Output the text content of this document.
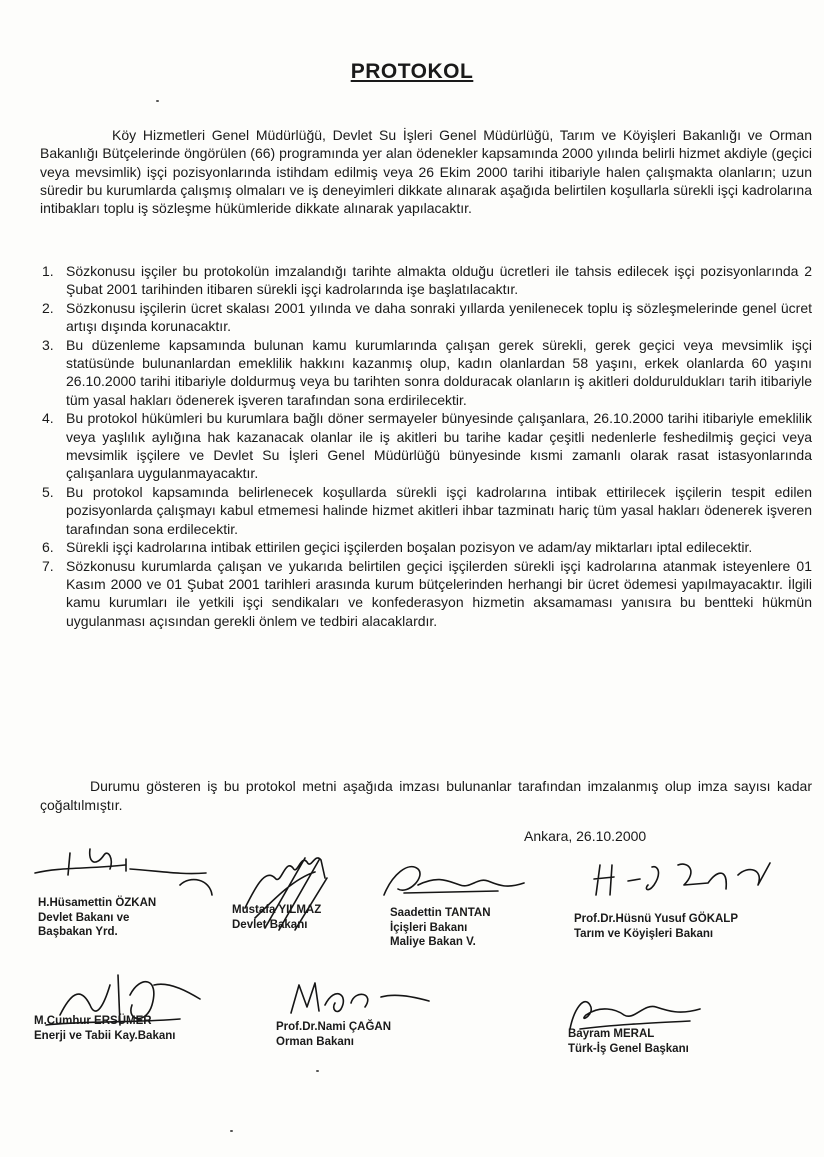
PROTOKOL
Köy Hizmetleri Genel Müdürlüğü, Devlet Su İşleri Genel Müdürlüğü, Tarım ve Köyişleri Bakanlığı ve Orman Bakanlığı Bütçelerinde öngörülen (66) programında yer alan ödenekler kapsamında 2000 yılında belirli hizmet akdiyle (geçici veya mevsimlik) işçi pozisyonlarında istihdam edilmiş veya 26 Ekim 2000 tarihi itibariyle halen çalışmakta olanların; uzun süredir bu kurumlarda çalışmış olmaları ve iş deneyimleri dikkate alınarak aşağıda belirtilen koşullarla sürekli işçi kadrolarına intibakları toplu iş sözleşme hükümleride dikkate alınarak yapılacaktır.
1. Sözkonusu işçiler bu protokolün imzalandığı tarihte almakta olduğu ücretleri ile tahsis edilecek işçi pozisyonlarında 2 Şubat 2001 tarihinden itibaren sürekli işçi kadrolarında işe başlatılacaktır.
2. Sözkonusu işçilerin ücret skalası 2001 yılında ve daha sonraki yıllarda yenilenecek toplu iş sözleşmelerinde genel ücret artışı dışında korunacaktır.
3. Bu düzenleme kapsamında bulunan kamu kurumlarında çalışan gerek sürekli, gerek geçici veya mevsimlik işçi statüsünde bulunanlardan emeklilik hakkını kazanmış olup, kadın olanlardan 58 yaşını, erkek olanlarda 60 yaşını 26.10.2000 tarihi itibariyle doldurmuş veya bu tarihten sonra dolduracak olanların iş akitleri dolduruldukları tarih itibariyle tüm yasal hakları ödenerek işveren tarafından sona erdirilecektir.
4. Bu protokol hükümleri bu kurumlara bağlı döner sermayeler bünyesinde çalışanlara, 26.10.2000 tarihi itibariyle emeklilik veya yaşlılık aylığına hak kazanacak olanlar ile iş akitleri bu tarihe kadar çeşitli nedenlerle feshedilmiş geçici veya mevsimlik işçilere ve Devlet Su İşleri Genel Müdürlüğü bünyesinde kısmi zamanlı olarak rasat istasyonlarında çalışanlara uygulanmayacaktır.
5. Bu protokol kapsamında belirlenecek koşullarda sürekli işçi kadrolarına intibak ettirilecek işçilerin tespit edilen pozisyonlarda çalışmayı kabul etmemesi halinde hizmet akitleri ihbar tazminatı hariç tüm yasal hakları ödenerek işveren tarafından sona erdilecektir.
6. Sürekli işçi kadrolarına intibak ettirilen geçici işçilerden boşalan pozisyon ve adam/ay miktarları iptal edilecektir.
7. Sözkonusu kurumlarda çalışan ve yukarıda belirtilen geçici işçilerden sürekli işçi kadrolarına atanmak isteyenlere 01 Kasım 2000 ve 01 Şubat 2001 tarihleri arasında kurum bütçelerinden herhangi bir ücret ödemesi yapılmayacaktır. İlgili kamu kurumları ile yetkili işçi sendikaları ve konfederasyon hizmetin aksamaması yanısıra bu bentteki hükmün uygulanması açısından gerekli önlem ve tedbiri alacaklardır.
Durumu gösteren iş bu protokol metni aşağıda imzası bulunanlar tarafından imzalanmış olup imza sayısı kadar çoğaltılmıştır.
Ankara, 26.10.2000
H.Hüsamettin ÖZKAN
Devlet Bakanı ve
Başbakan Yrd.
Mustafa YILMAZ
Devlet Bakanı
Saadettin TANTAN
İçişleri Bakanı
Maliye Bakan V.
Prof.Dr.Hüsnü Yusuf GÖKALP
Tarım ve Köyişleri Bakanı
M.Cumhur ERSÜMER
Enerji ve Tabii Kay.Bakanı
Prof.Dr.Nami ÇAĞAN
Orman Bakanı
Bayram MERAL
Türk-İş Genel Başkanı
